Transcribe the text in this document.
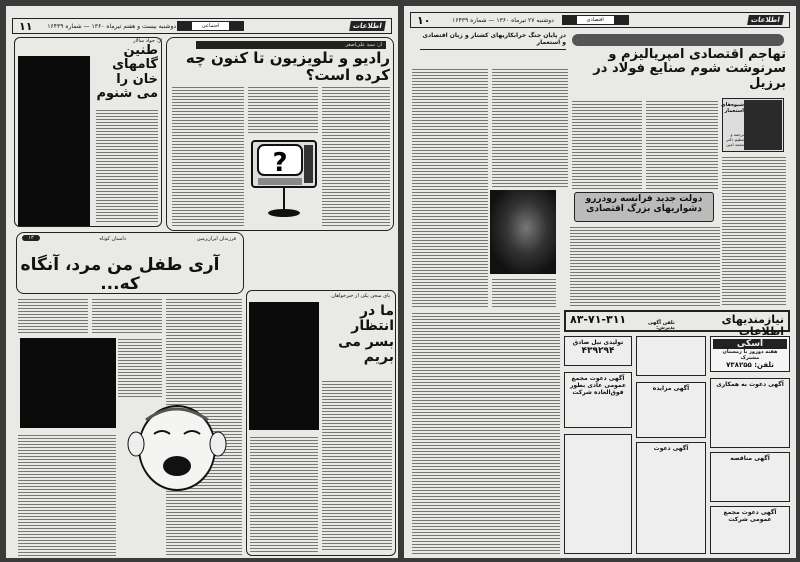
۱۱	دوشنبه بیست و هفتم تیرماه ۱۳۶۰ — شماره ۱۶۴۳۹	اجتماعی	اطلاعات
طنین گامهای خان را می شنوم
از: جواد سالار
از: سید علی‌اصغر
رادیو و تلویزیون تا کنون چه کرده است؟
?
فرزندان ایران‌زمین
داستان کوتاه
۱۳
آری طفل من مرد، آنگاه که...
پای سخن یکی از خیرخواهان
ما در انتظار بسر می بریم
۱۰	دوشنبه ۲۷ تیرماه ۱۳۶۰ — شماره ۱۶۴۳۹	اقتصادی	اطلاعات
در پایان جنگ خرابکاریهای کشتار و زیان اقتصادی و استعمار
تهاجم اقتصادی امپریالیزم و سرنوشت شوم صنایع فولاد در برزیل
شیوه‌های استعمار
ترجمه و تنظیم دکتر محمد امین
دولت جدید فرانسه رودررو دشواریهای بزرگ اقتصادی
نیازمندیهای اطلاعات
تلفن آگهی پذیرش:
۸۳-۷۱-۳۱۱
تولیدی نیل صادق
۴۳۹۲۹۴
آگهی دعوت مجمع عمومی عادی بطور فوق‌العاده شرکت
آگهی مزایده
آگهی دعوت
اسکی
هفته دوروز با زمستان مشترک
تلفن: ۷۳۸۲۵۵
آگهی دعوت به همکاری
آگهی مناقصه
آگهی دعوت مجمع عمومی شرکت
